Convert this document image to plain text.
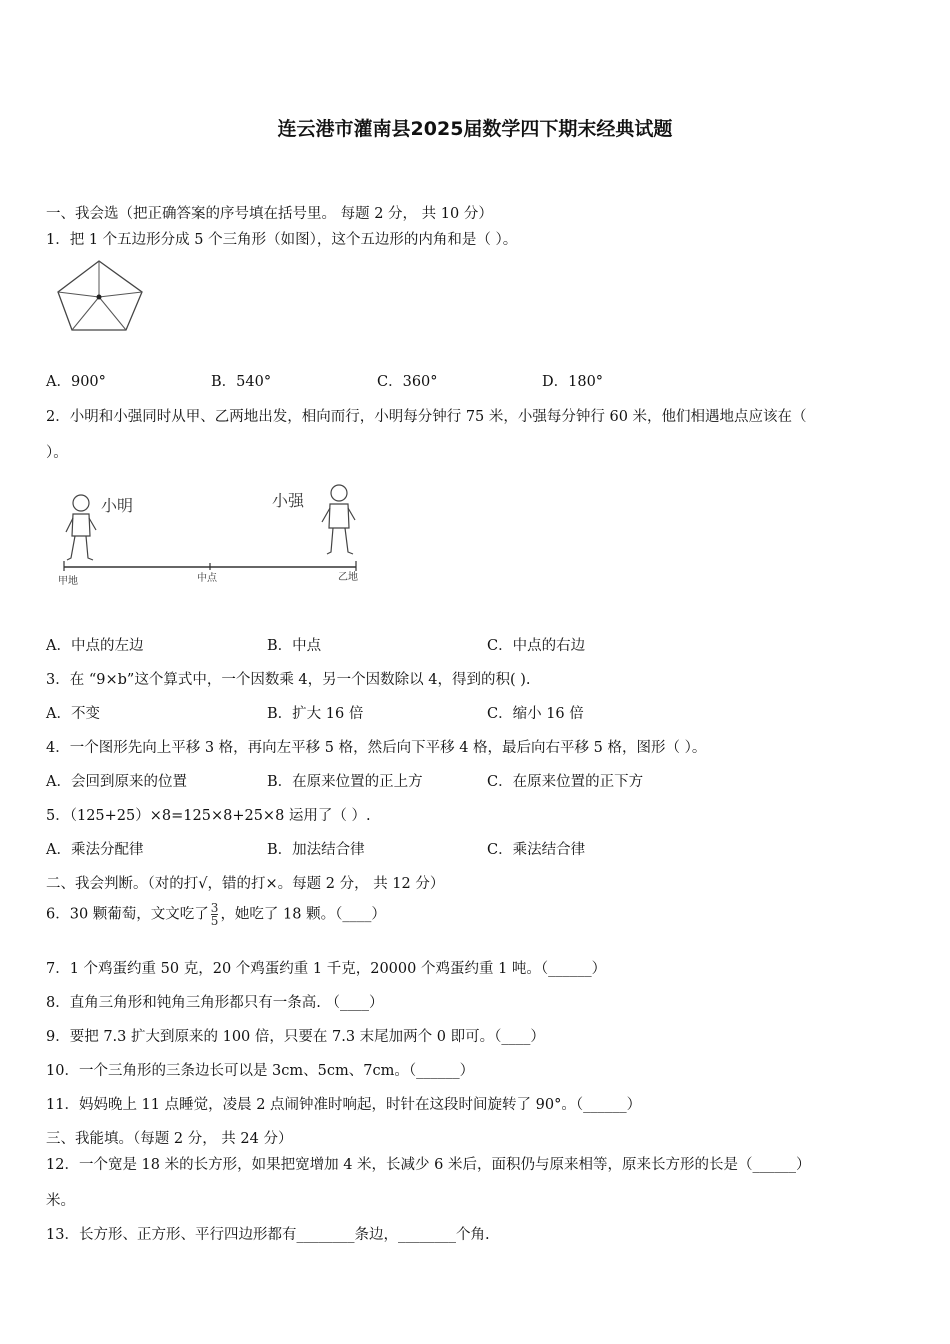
连云港市灌南县2025届数学四下期末经典试题
一、我会选（把正确答案的序号填在括号里。 每题 2 分， 共 10 分）
1．把 1 个五边形分成 5 个三角形（如图），这个五边形的内角和是（ ）。
A．900°	B．540°	C．360°	D．180°
2．小明和小强同时从甲、乙两地出发，相向而行，小明每分钟行 75 米，小强每分钟行 60 米，他们相遇地点应该在（
）。
小明	小强
甲地	中点	乙地
A．中点的左边	B．中点	C．中点的右边
3．在 “9×b”这个算式中，一个因数乘 4，另一个因数除以 4，得到的积( ).
A．不变	B．扩大 16 倍	C．缩小 16 倍
4．一个图形先向上平移 3 格，再向左平移 5 格，然后向下平移 4 格，最后向右平移 5 格，图形（ ）。
A．会回到原来的位置	B．在原来位置的正上方	C．在原来位置的正下方
5．（125+25）×8=125×8+25×8 运用了（ ）.
A．乘法分配律	B．加法结合律	C．乘法结合律
二、我会判断。（对的打√，错的打×。每题 2 分， 共 12 分）
6．30 颗葡萄，文文吃了 $\frac{3}{5}$ ，她吃了 18 颗。（____）
7．1 个鸡蛋约重 50 克，20 个鸡蛋约重 1 千克，20000 个鸡蛋约重 1 吨。（______）
8．直角三角形和钝角三角形都只有一条高. （____）
9．要把 7.3 扩大到原来的 100 倍，只要在 7.3 末尾加两个 0 即可。（____）
10．一个三角形的三条边长可以是 3cm、5cm、7cm。（______）
11．妈妈晚上 11 点睡觉，凌晨 2 点闹钟准时响起，时针在这段时间旋转了 90°。（______）
三、我能填。（每题 2 分， 共 24 分）
12．一个宽是 18 米的长方形，如果把宽增加 4 米，长减少 6 米后，面积仍与原来相等，原来长方形的长是（______）
米。
13．长方形、正方形、平行四边形都有________条边，________个角.
